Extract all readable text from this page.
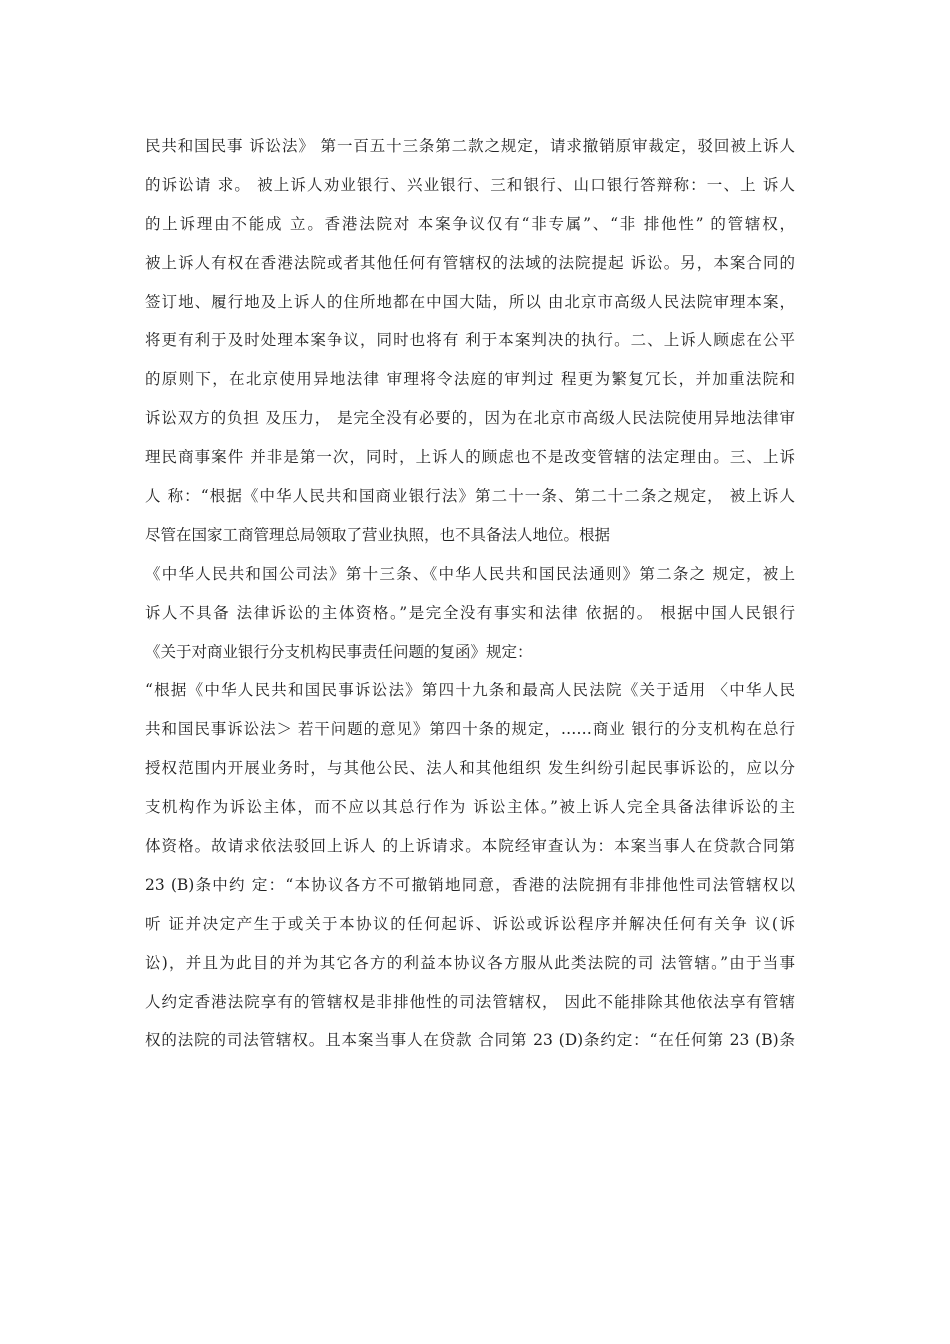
民共和国民事 诉讼法》 第一百五十三条第二款之规定，请求撤销原审裁定，驳回被上诉人
的诉讼请 求。 被上诉人劝业银行、兴业银行、三和银行、山口银行答辩称：一、上 诉人
的上诉理由不能成 立。香港法院对 本案争议仅有“非专属”、“非 排他性” 的管辖权，
被上诉人有权在香港法院或者其他任何有管辖权的法域的法院提起 诉讼。另，本案合同的
签订地、履行地及上诉人的住所地都在中国大陆，所以 由北京市高级人民法院审理本案，
将更有利于及时处理本案争议，同时也将有 利于本案判决的执行。二、上诉人顾虑在公平
的原则下，在北京使用异地法律 审理将令法庭的审判过 程更为繁复冗长，并加重法院和
诉讼双方的负担 及压力， 是完全没有必要的，因为在北京市高级人民法院使用异地法律审
理民商事案件 并非是第一次，同时，上诉人的顾虑也不是改变管辖的法定理由。三、上诉
人 称：“根据《中华人民共和国商业银行法》第二十一条、第二十二条之规定， 被上诉人
尽管在国家工商管理总局领取了营业执照，也不具备法人地位。根据
《中华人民共和国公司法》第十三条、《中华人民共和国民法通则》第二条之 规定，被上
诉人不具备 法律诉讼的主体资格。”是完全没有事实和法律 依据的。 根据中国人民银行
《关于对商业银行分支机构民事责任问题的复函》规定：
“根据《中华人民共和国民事诉讼法》第四十九条和最高人民法院《关于适用 〈中华人民
共和国民事诉讼法＞ 若干问题的意见》第四十条的规定，……商业 银行的分支机构在总行
授权范围内开展业务时，与其他公民、法人和其他组织 发生纠纷引起民事诉讼的，应以分
支机构作为诉讼主体，而不应以其总行作为 诉讼主体。”被上诉人完全具备法律诉讼的主
体资格。故请求依法驳回上诉人 的上诉请求。本院经审查认为：本案当事人在贷款合同第
23 (B)条中约 定：“本协议各方不可撤销地同意，香港的法院拥有非排他性司法管辖权以
听 证并决定产生于或关于本协议的任何起诉、诉讼或诉讼程序并解决任何有关争 议(诉
讼)，并且为此目的并为其它各方的利益本协议各方服从此类法院的司 法管辖。”由于当事
人约定香港法院享有的管辖权是非排他性的司法管辖权， 因此不能排除其他依法享有管辖
权的法院的司法管辖权。且本案当事人在贷款 合同第 23 (D)条约定：“在任何第 23 (B)条
